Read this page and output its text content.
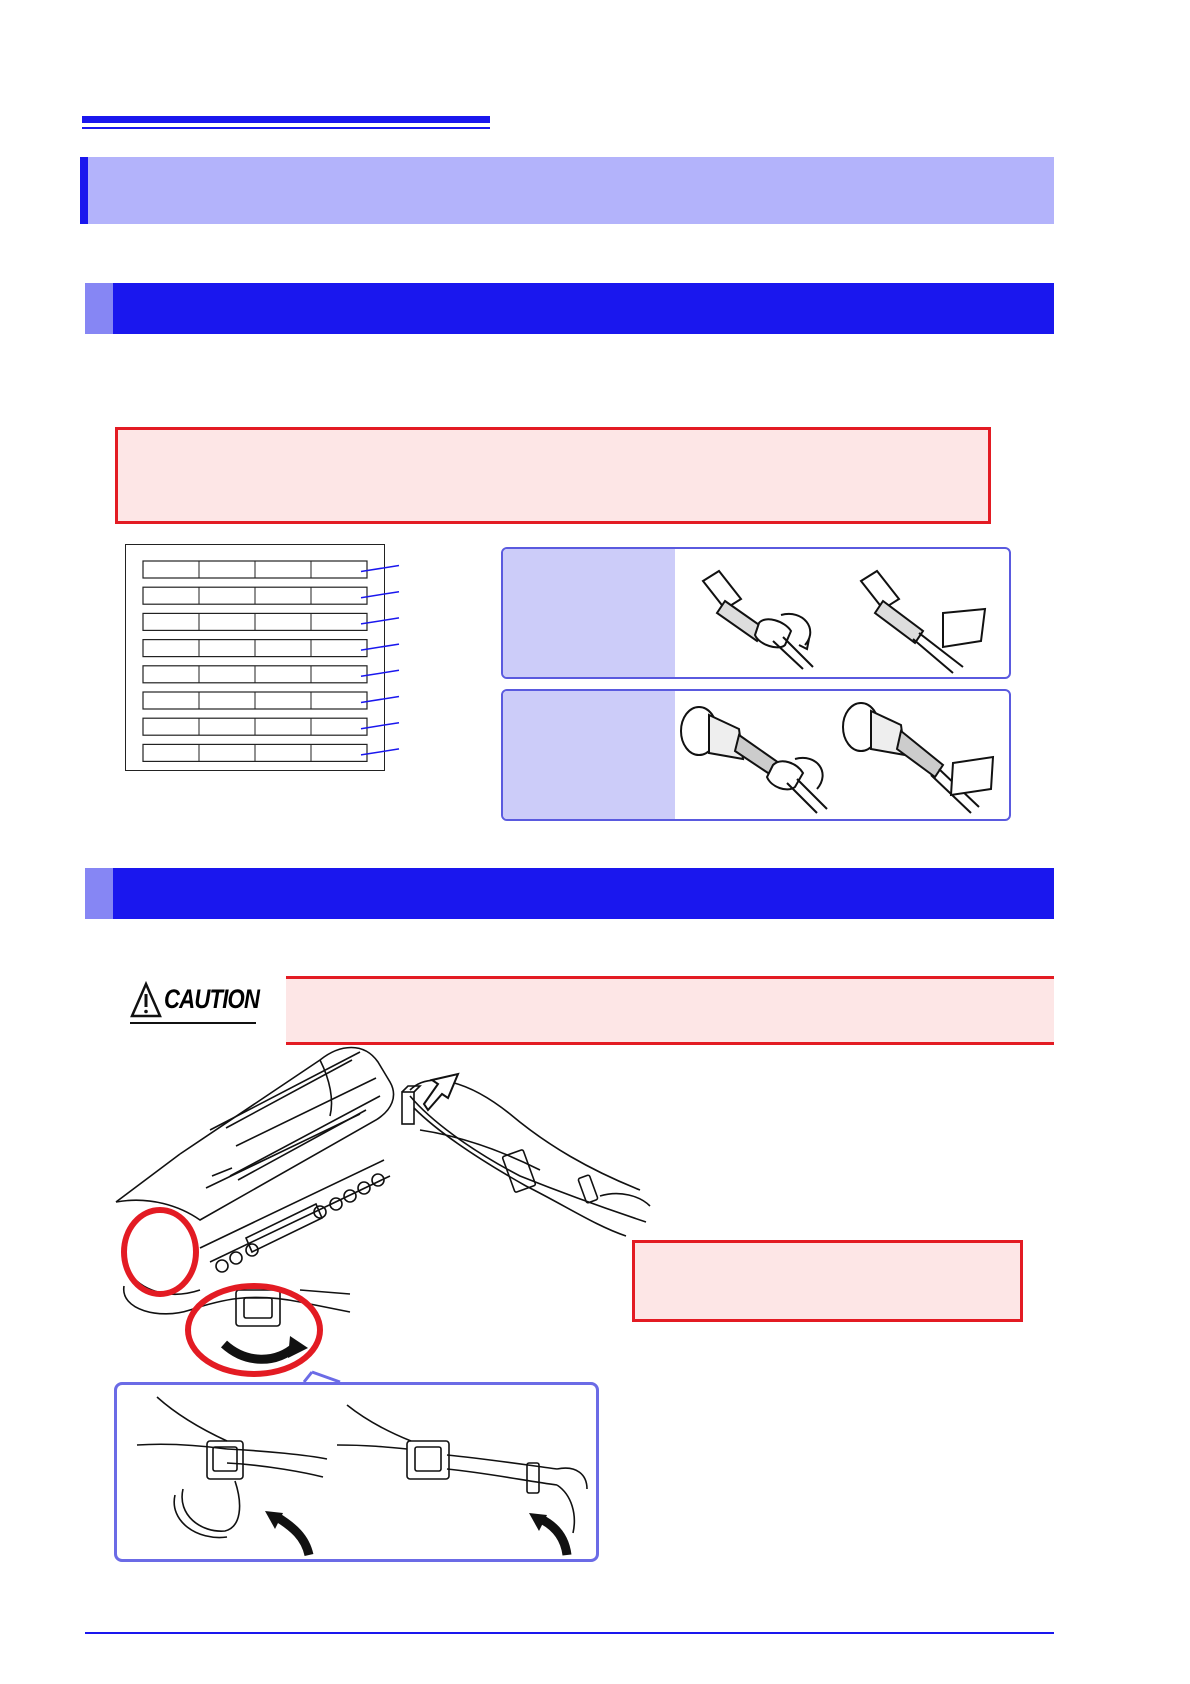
CAUTION
